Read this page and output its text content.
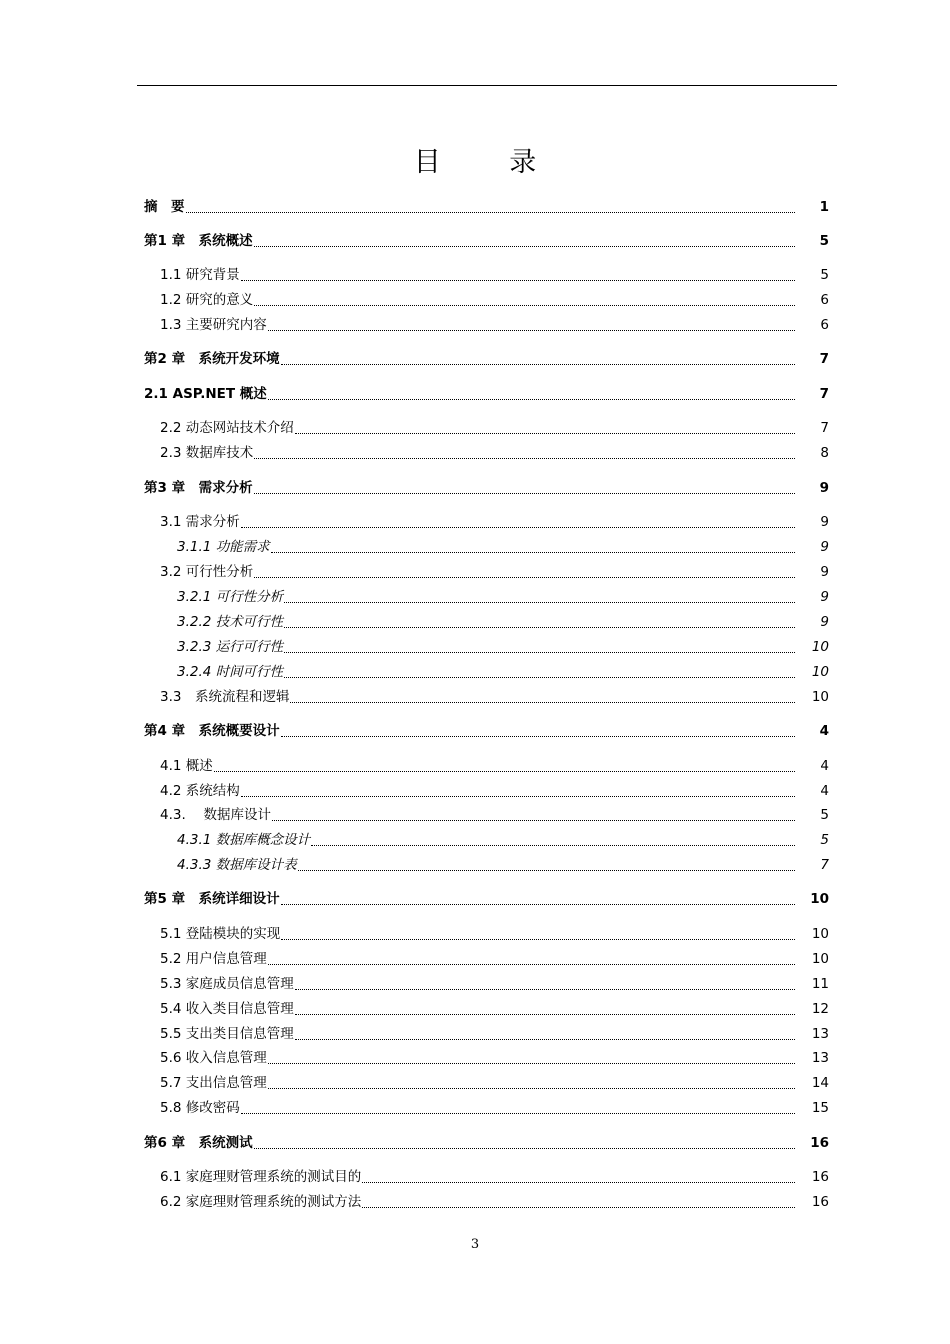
目 录
摘　要	1
第1 章　系统概述	5
1.1 研究背景	5
1.2 研究的意义	6
1.3 主要研究内容	6
第2 章　系统开发环境	7
2.1 ASP.NET 概述	7
2.2 动态网站技术介绍	7
2.3 数据库技术	8
第3 章　需求分析	9
3.1 需求分析	9
3.1.1 功能需求	9
3.2 可行性分析	9
3.2.1 可行性分析	9
3.2.2 技术可行性	9
3.2.3 运行可行性	10
3.2.4 时间可行性	10
3.3　系统流程和逻辑	10
第4 章　系统概要设计	4
4.1 概述	4
4.2 系统结构	4
4.3.　 数据库设计	5
4.3.1 数据库概念设计	5
4.3.3 数据库设计表	7
第5 章　系统详细设计	10
5.1 登陆模块的实现	10
5.2 用户信息管理	10
5.3 家庭成员信息管理	11
5.4 收入类目信息管理	12
5.5 支出类目信息管理	13
5.6 收入信息管理	13
5.7 支出信息管理	14
5.8 修改密码	15
第6 章　系统测试	16
6.1 家庭理财管理系统的测试目的	16
6.2 家庭理财管理系统的测试方法	16
3
